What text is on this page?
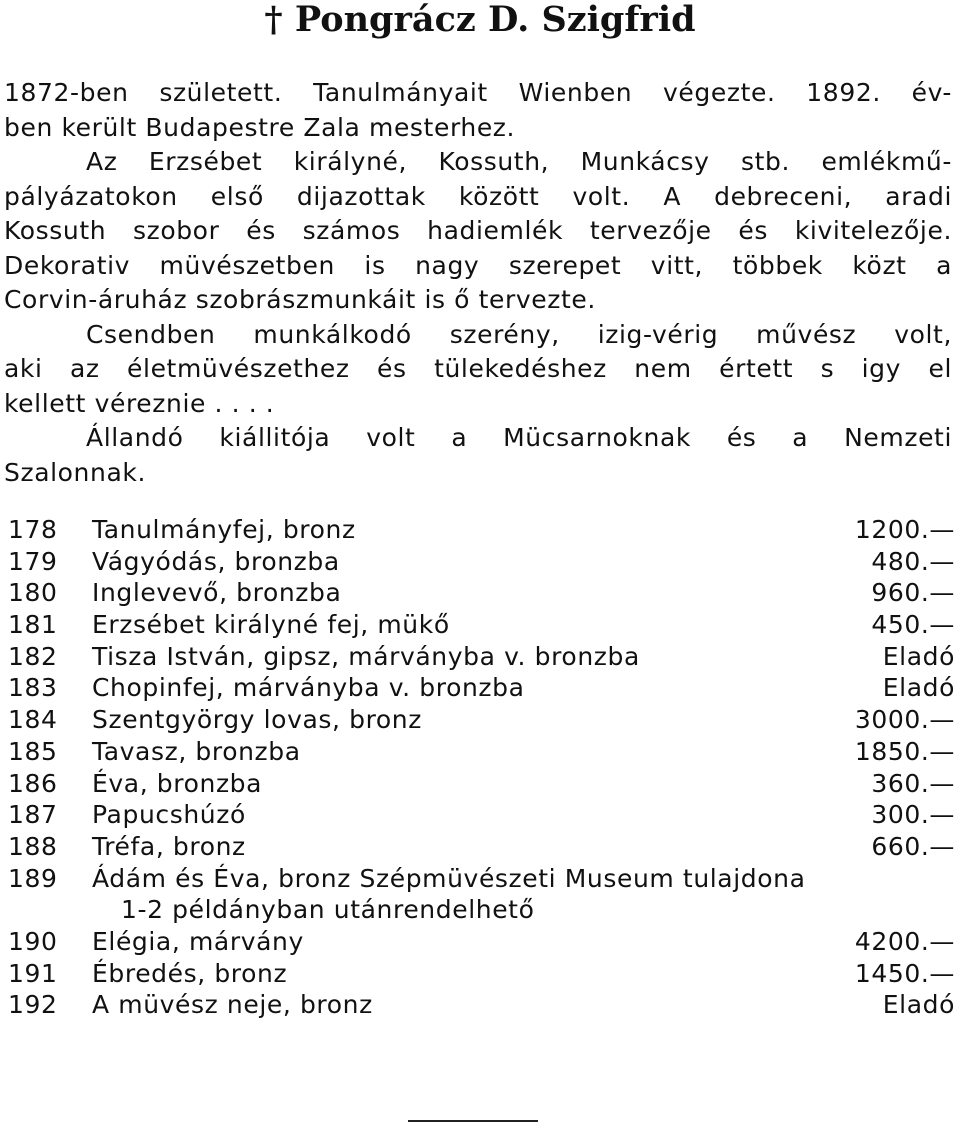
† Pongrácz D. Szigfrid
1872-ben született. Tanulmányait Wienben végezte. 1892. év-
ben került Budapestre Zala mesterhez.
Az Erzsébet királyné, Kossuth, Munkácsy stb. emlékmű-
pályázatokon első dijazottak között volt. A debreceni, aradi
Kossuth szobor és számos hadiemlék tervezője és kivitelezője.
Dekorativ müvészetben is nagy szerepet vitt, többek közt a
Corvin-áruház szobrászmunkáit is ő tervezte.
Csendben munkálkodó szerény, izig-vérig művész volt,
aki az életmüvészethez és tülekedéshez nem értett s igy el
kellett véreznie . . . .
Állandó kiállitója volt a Mücsarnoknak és a Nemzeti
Szalonnak.
178 Tanulmányfej, bronz	1200.—
179 Vágyódás, bronzba	480.—
180 Inglevevő, bronzba	960.—
181 Erzsébet királyné fej, mükő	450.—
182 Tisza István, gipsz, márványba v. bronzba	Eladó
183 Chopinfej, márványba v. bronzba	Eladó
184 Szentgyörgy lovas, bronz	3000.—
185 Tavasz, bronzba	1850.—
186 Éva, bronzba	360.—
187 Papucshúzó	300.—
188 Tréfa, bronz	660.—
189 Ádám és Éva, bronz Szépmüvészeti Museum tulajdona
1-2 példányban utánrendelhető
190 Elégia, márvány	4200.—
191 Ébredés, bronz	1450.—
192 A müvész neje, bronz	Eladó
